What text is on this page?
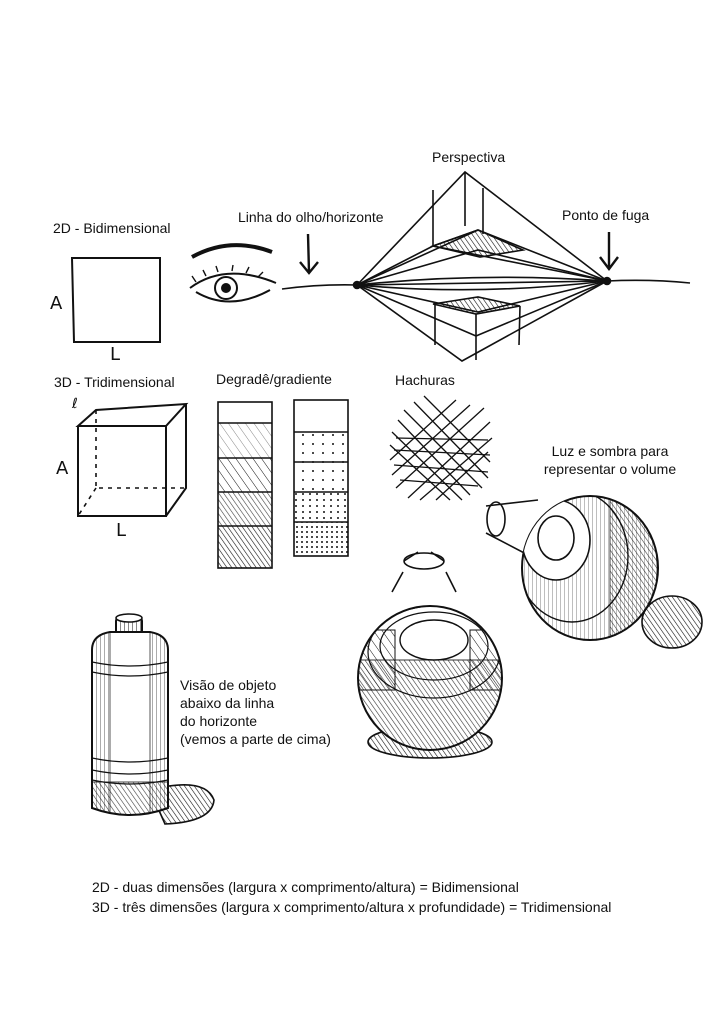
Perspectiva
2D - Bidimensional
Linha do olho/horizonte	Ponto de fuga
3D - Tridimensional	Degradê/gradiente	Hachuras
Luz e sombra para
representar o volume
Visão de objeto
abaixo da linha
do horizonte
(vemos a parte de cima)
A
L
A
L
ℓ
2D - duas dimensões (largura x comprimento/altura) = Bidimensional
3D - três dimensões (largura x comprimento/altura x profundidade) = Tridimensional
